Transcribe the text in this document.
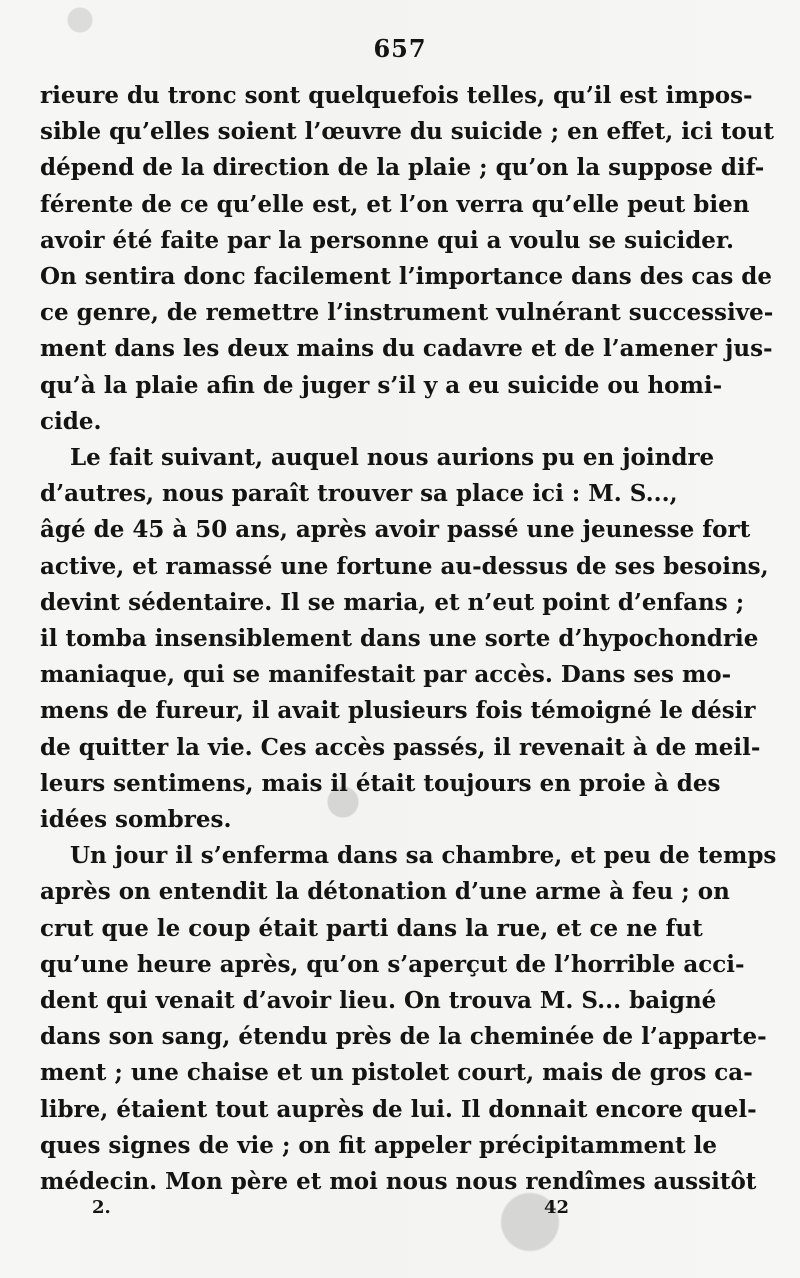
657
rieure du tronc sont quelquefois telles, qu’il est impos-
sible qu’elles soient l’œuvre du suicide ; en effet, ici tout
dépend de la direction de la plaie ; qu’on la suppose dif-
férente de ce qu’elle est, et l’on verra qu’elle peut bien
avoir été faite par la personne qui a voulu se suicider.
On sentira donc facilement l’importance dans des cas de
ce genre, de remettre l’instrument vulnérant successive-
ment dans les deux mains du cadavre et de l’amener jus-
qu’à la plaie afin de juger s’il y a eu suicide ou homi-
cide.
Le fait suivant, auquel nous aurions pu en joindre
d’autres, nous paraît trouver sa place ici : M. S...,
âgé de 45 à 50 ans, après avoir passé une jeunesse fort
active, et ramassé une fortune au-dessus de ses besoins,
devint sédentaire. Il se maria, et n’eut point d’enfans ;
il tomba insensiblement dans une sorte d’hypochondrie
maniaque, qui se manifestait par accès. Dans ses mo-
mens de fureur, il avait plusieurs fois témoigné le désir
de quitter la vie. Ces accès passés, il revenait à de meil-
leurs sentimens, mais il était toujours en proie à des
idées sombres.
Un jour il s’enferma dans sa chambre, et peu de temps
après on entendit la détonation d’une arme à feu ; on
crut que le coup était parti dans la rue, et ce ne fut
qu’une heure après, qu’on s’aperçut de l’horrible acci-
dent qui venait d’avoir lieu. On trouva M. S... baigné
dans son sang, étendu près de la cheminée de l’apparte-
ment ; une chaise et un pistolet court, mais de gros ca-
libre, étaient tout auprès de lui. Il donnait encore quel-
ques signes de vie ; on fit appeler précipitamment le
médecin. Mon père et moi nous nous rendîmes aussitôt
2.	42
